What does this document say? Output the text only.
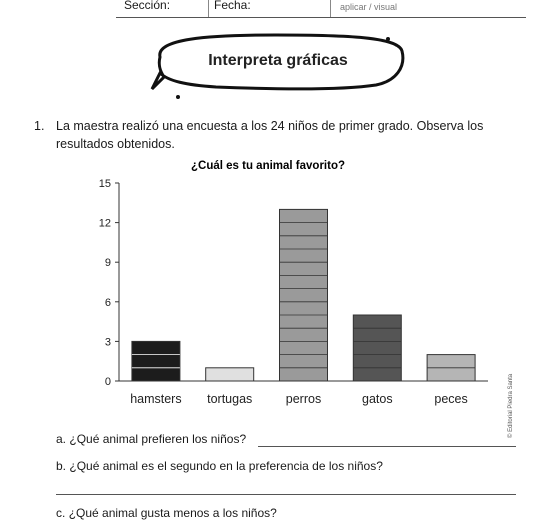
Sección:	Fecha:	aplicar / visual
Interpreta gráficas
1. La maestra realizó una encuesta a los 24 niños de primer grado. Observa los resultados obtenidos.
¿Cuál es tu animal favorito?
0
3
6
9
12
15
hamsters tortugas	perros	gatos	peces
a. ¿Qué animal prefieren los niños?
b. ¿Qué animal es el segundo en la preferencia de los niños?
c. ¿Qué animal gusta menos a los niños?
© Editorial Piedra Santa
